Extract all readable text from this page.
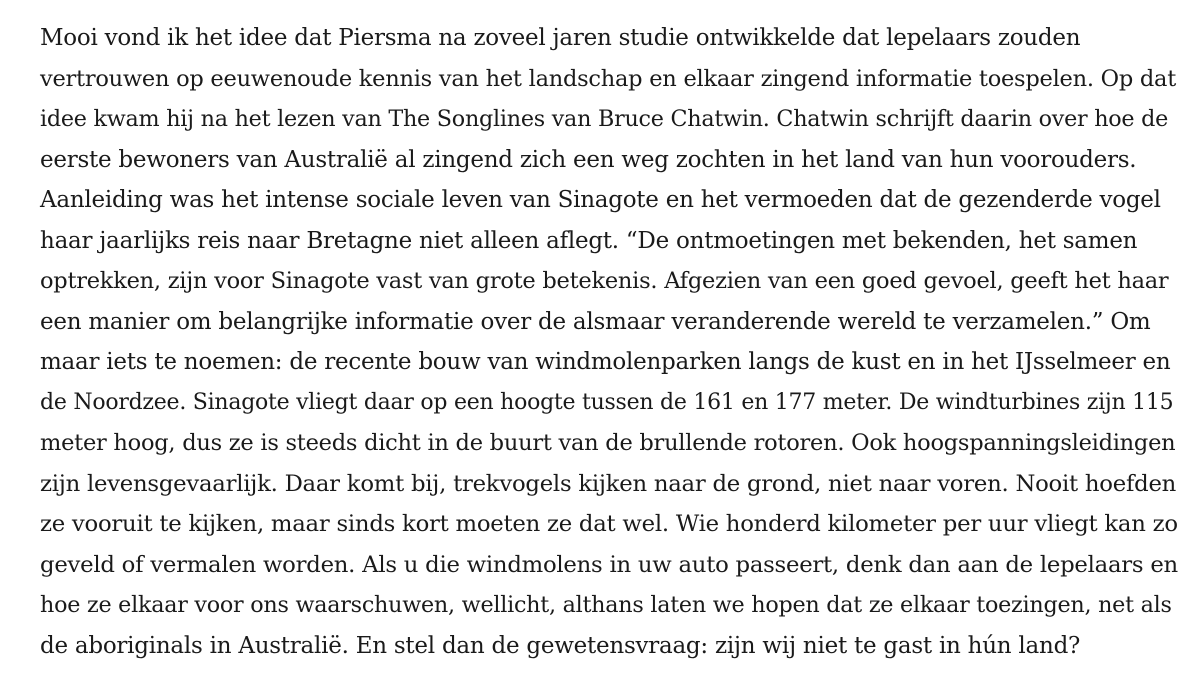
Mooi vond ik het idee dat Piersma na zoveel jaren studie ontwikkelde dat lepelaars zouden
vertrouwen op eeuwenoude kennis van het landschap en elkaar zingend informatie toespelen. Op dat
idee kwam hij na het lezen van The Songlines van Bruce Chatwin. Chatwin schrijft daarin over hoe de
eerste bewoners van Australië al zingend zich een weg zochten in het land van hun voorouders.
Aanleiding was het intense sociale leven van Sinagote en het vermoeden dat de gezenderde vogel
haar jaarlijks reis naar Bretagne niet alleen aflegt. “De ontmoetingen met bekenden, het samen
optrekken, zijn voor Sinagote vast van grote betekenis. Afgezien van een goed gevoel, geeft het haar
een manier om belangrijke informatie over de alsmaar veranderende wereld te verzamelen.” Om
maar iets te noemen: de recente bouw van windmolenparken langs de kust en in het IJsselmeer en
de Noordzee. Sinagote vliegt daar op een hoogte tussen de 161 en 177 meter. De windturbines zijn 115
meter hoog, dus ze is steeds dicht in de buurt van de brullende rotoren. Ook hoogspanningsleidingen
zijn levensgevaarlijk. Daar komt bij, trekvogels kijken naar de grond, niet naar voren. Nooit hoefden
ze vooruit te kijken, maar sinds kort moeten ze dat wel. Wie honderd kilometer per uur vliegt kan zo
geveld of vermalen worden. Als u die windmolens in uw auto passeert, denk dan aan de lepelaars en
hoe ze elkaar voor ons waarschuwen, wellicht, althans laten we hopen dat ze elkaar toezingen, net als
de aboriginals in Australië. En stel dan de gewetensvraag: zijn wij niet te gast in hún land?
